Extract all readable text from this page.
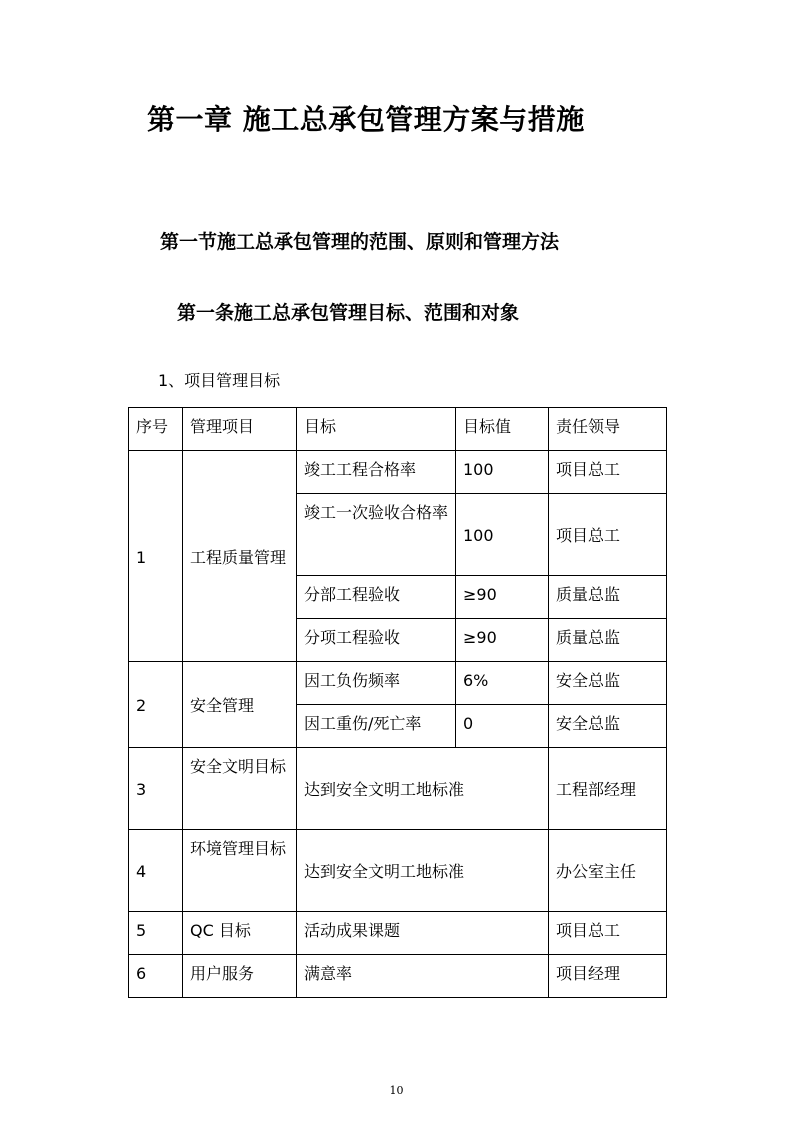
第一章 施工总承包管理方案与措施
第一节施工总承包管理的范围、原则和管理方法
第一条施工总承包管理目标、范围和对象
1、项目管理目标
序号	管理项目	目标	目标值	责任领导
1	工程质量管理	竣工工程合格率	100	项目总工
		竣工一次验收合格率	100	项目总工
		分部工程验收	≥90	质量总监
		分项工程验收	≥90	质量总监
2	安全管理	因工负伤频率	6%	安全总监
		因工重伤/死亡率	0	安全总监
3	安全文明目标	达到安全文明工地标准		工程部经理
4	环境管理目标	达到安全文明工地标准		办公室主任
5	QC 目标	活动成果课题		项目总工
6	用户服务	满意率		项目经理
10
